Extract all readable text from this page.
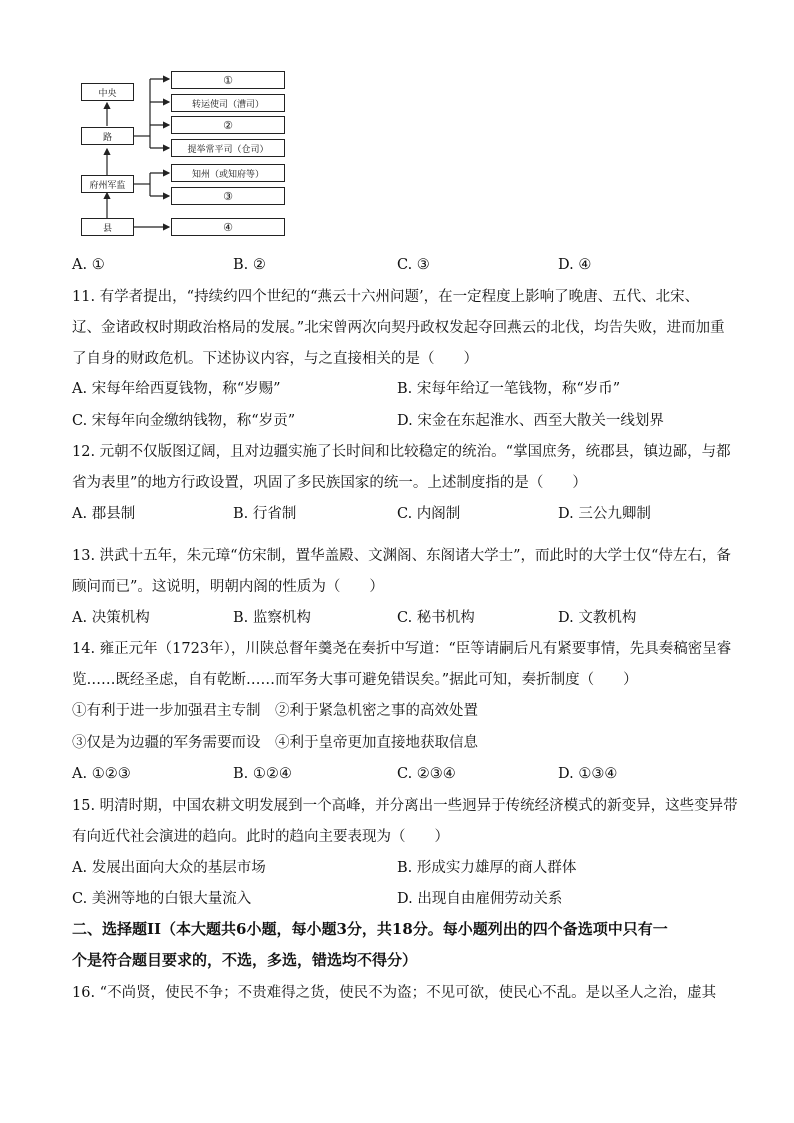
中央
路
府州军监
县
①
转运使司（漕司）
②
提举常平司（仓司）
知州（或知府等）
③
④
A. ①	B. ②	C. ③	D. ④
11. 有学者提出，“持续约四个世纪的“燕云十六州问题’，在一定程度上影响了晚唐、五代、北宋、
辽、金诸政权时期政治格局的发展。”北宋曾两次向契丹政权发起夺回燕云的北伐，均告失败，进而加重
了自身的财政危机。下述协议内容，与之直接相关的是（　　）
A. 宋每年给西夏钱物，称“岁赐”	B. 宋每年给辽一笔钱物，称“岁币”
C. 宋每年向金缴纳钱物，称“岁贡”	D. 宋金在东起淮水、西至大散关一线划界
12. 元朝不仅版图辽阔，且对边疆实施了长时间和比较稳定的统治。“掌国庶务，统郡县，镇边鄙，与都
省为表里”的地方行政设置，巩固了多民族国家的统一。上述制度指的是（　　）
A. 郡县制	B. 行省制	C. 内阁制	D. 三公九卿制
13. 洪武十五年，朱元璋“仿宋制，置华盖殿、文渊阁、东阁诸大学士”，而此时的大学士仅“侍左右，备
顾问而已”。这说明，明朝内阁的性质为（　　）
A. 决策机构	B. 监察机构	C. 秘书机构	D. 文教机构
14. 雍正元年（1723年），川陕总督年羹尧在奏折中写道：“臣等请嗣后凡有紧要事情，先具奏稿密呈睿
览……既经圣虑，自有乾断……而军务大事可避免错误矣。”据此可知，奏折制度（　　）
①有利于进一步加强君主专制　②利于紧急机密之事的高效处置
③仅是为边疆的军务需要而设　④利于皇帝更加直接地获取信息
A. ①②③	B. ①②④	C. ②③④	D. ①③④
15. 明清时期，中国农耕文明发展到一个高峰，并分离出一些迥异于传统经济模式的新变异，这些变异带
有向近代社会演进的趋向。此时的趋向主要表现为（　　）
A. 发展出面向大众的基层市场	B. 形成实力雄厚的商人群体
C. 美洲等地的白银大量流入	D. 出现自由雇佣劳动关系
二、选择题II（本大题共6小题，每小题3分，共18分。每小题列出的四个备选项中只有一
个是符合题目要求的，不选，多选，错选均不得分）
16. “不尚贤，使民不争；不贵难得之货，使民不为盗；不见可欲，使民心不乱。是以圣人之治，虚其
